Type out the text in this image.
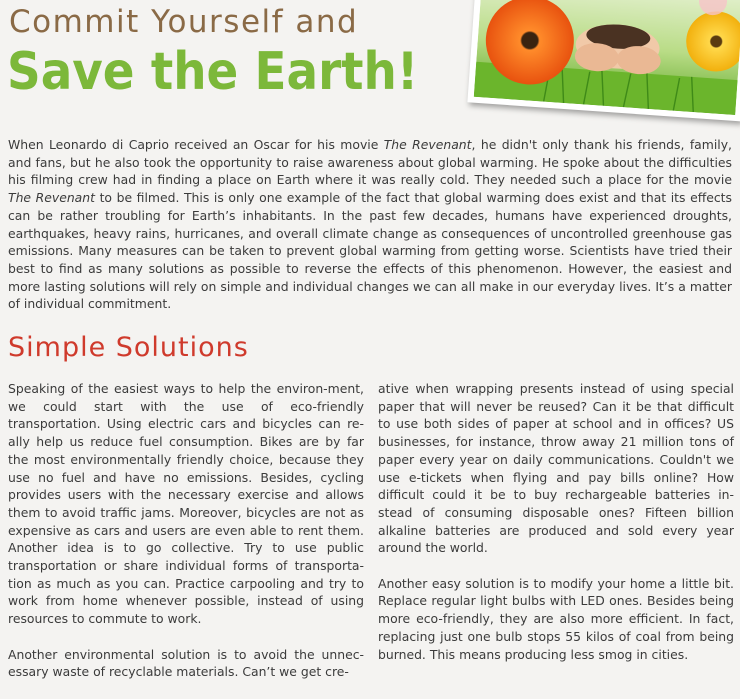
Commit Yourself and
Save the Earth!

When Leonardo di Caprio received an Oscar for his movie The Revenant, he didn't only thank his friends, family, and fans, but he also took the opportunity to raise awareness about global warming. He spoke about the difficulties his filming crew had in finding a place on Earth where it was really cold. They needed such a place for the movie The Revenant to be filmed. This is only one example of the fact that global warming does exist and that its effects can be rather troubling for Earth’s inhabitants. In the past few decades, humans have experienced droughts, earthquakes, heavy rains, hurricanes, and overall climate change as consequences of uncontrolled greenhouse gas emissions. Many measures can be taken to prevent global warming from getting worse. Scientists have tried their best to find as many solutions as possible to reverse the effects of this phenomenon. However, the easiest and more lasting solutions will rely on simple and individual changes we can all make in our everyday lives. It’s a matter of individual commitment.

Simple Solutions

Speaking of the easiest ways to help the environ-ment, we could start with the use of eco-friendly transportation. Using electric cars and bicycles can re-ally help us reduce fuel consumption. Bikes are by far the most environmentally friendly choice, because they use no fuel and have no emissions. Besides, cycling provides users with the necessary exercise and allows them to avoid traffic jams. Moreover, bicycles are not as expensive as cars and users are even able to rent them. Another idea is to go collective. Try to use public transportation or share individual forms of transporta-tion as much as you can. Practice carpooling and try to work from home whenever possible, instead of using resources to commute to work.

Another environmental solution is to avoid the unnec-essary waste of recyclable materials. Can’t we get cre-

ative when wrapping presents instead of using special paper that will never be reused? Can it be that difficult to use both sides of paper at school and in offices? US businesses, for instance, throw away 21 million tons of paper every year on daily communications. Couldn't we use e-tickets when flying and pay bills online? How difficult could it be to buy rechargeable batteries in-stead of consuming disposable ones? Fifteen billion alkaline batteries are produced and sold every year around the world.

Another easy solution is to modify your home a little bit. Replace regular light bulbs with LED ones. Besides being more eco-friendly, they are also more efficient. In fact, replacing just one bulb stops 55 kilos of coal from being burned. This means producing less smog in cities.
